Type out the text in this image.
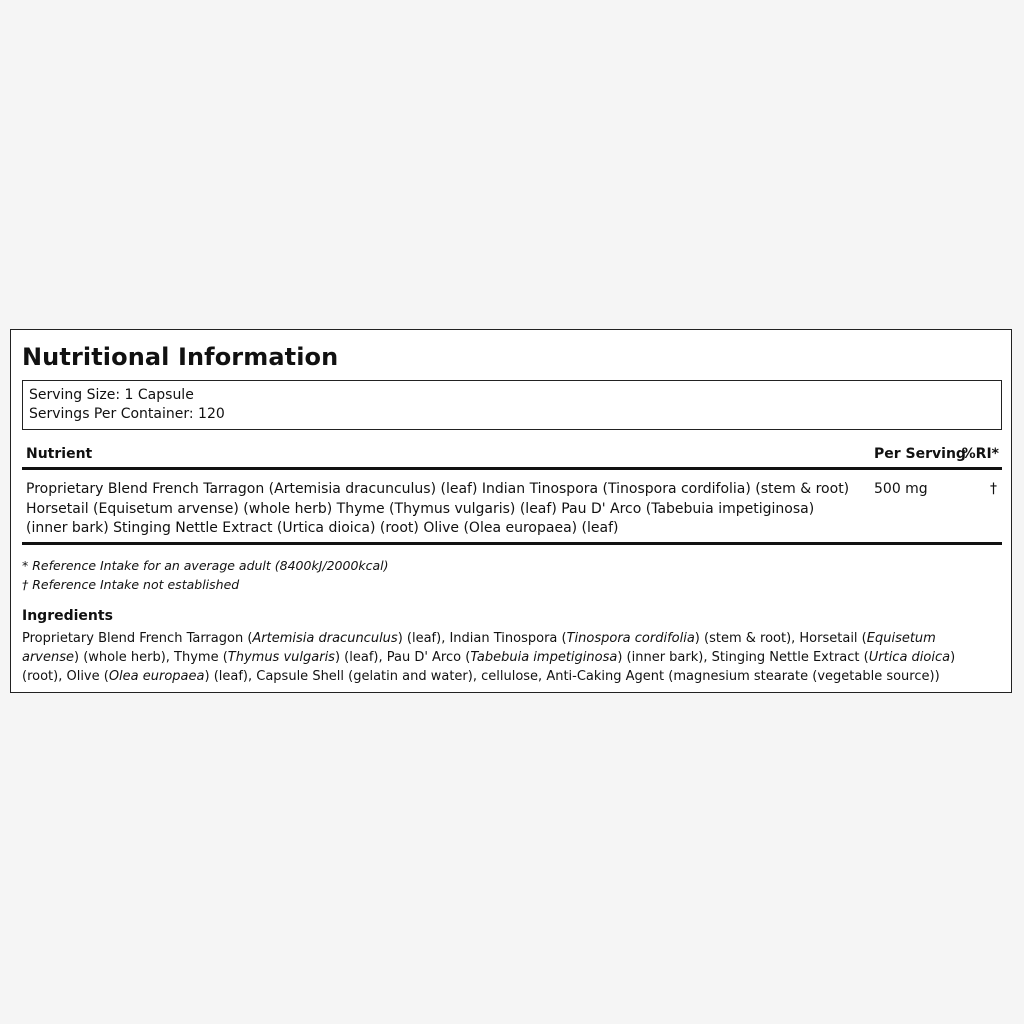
Nutritional Information
Serving Size: 1 Capsule
Servings Per Container: 120
Nutrient	Per Serving
%RI*
Proprietary Blend French Tarragon (Artemisia dracunculus) (leaf) Indian Tinospora (Tinospora cordifolia) (stem & root) Horsetail (Equisetum arvense) (whole herb) Thyme (Thymus vulgaris) (leaf) Pau D' Arco (Tabebuia impetiginosa) (inner bark) Stinging Nettle Extract (Urtica dioica) (root) Olive (Olea europaea) (leaf)
500 mg	†
* Reference Intake for an average adult (8400kJ/2000kcal)
† Reference Intake not established
Ingredients
Proprietary Blend French Tarragon (Artemisia dracunculus) (leaf), Indian Tinospora (Tinospora cordifolia) (stem & root), Horsetail (Equisetum arvense) (whole herb), Thyme (Thymus vulgaris) (leaf), Pau D' Arco (Tabebuia impetiginosa) (inner bark), Stinging Nettle Extract (Urtica dioica) (root), Olive (Olea europaea) (leaf), Capsule Shell (gelatin and water), cellulose, Anti-Caking Agent (magnesium stearate (vegetable source))
